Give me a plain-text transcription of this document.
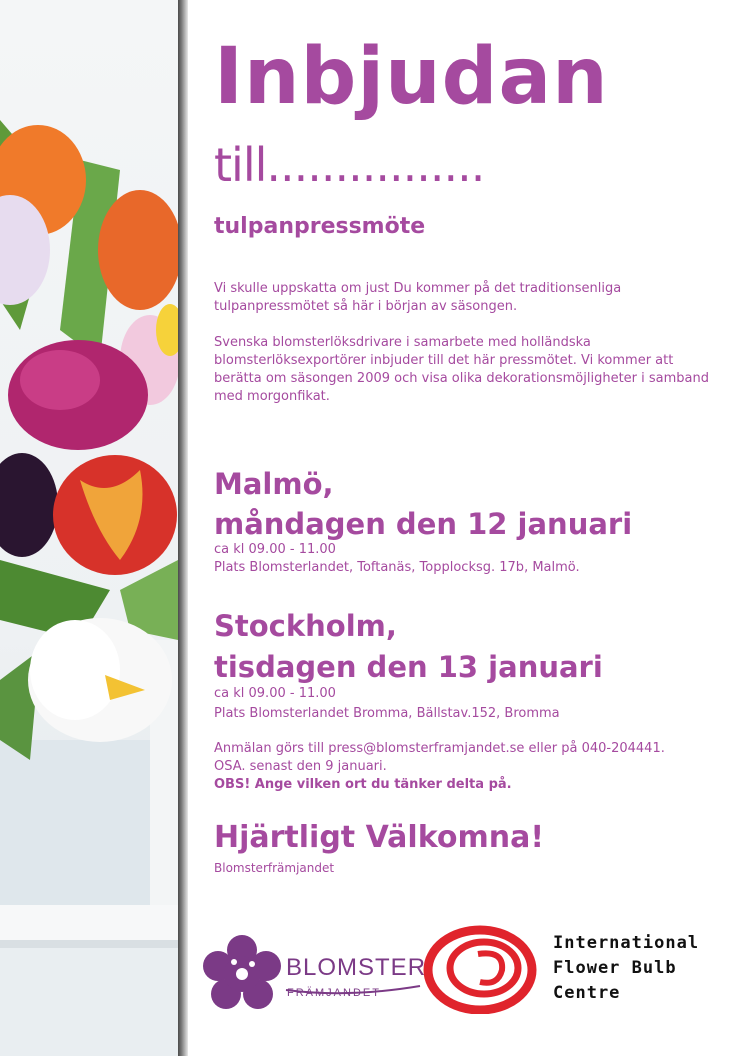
Inbjudan
till................
tulpanpressmöte
Vi skulle uppskatta om just Du kommer på det traditionsenliga tulpanpressmötet så här i början av säsongen.
Svenska blomsterlöksdrivare i samarbete med holländska blomsterlöksexportörer inbjuder till det här pressmötet. Vi kommer att berätta om säsongen 2009 och visa olika dekorationsmöjligheter i samband med morgonfikat.
Malmö,
måndagen den 12 januari
ca kl 09.00 - 11.00
Plats Blomsterlandet, Toftanäs, Topplocksg. 17b, Malmö.
Stockholm,
tisdagen den 13 januari
ca kl 09.00 - 11.00
Plats Blomsterlandet Bromma, Bällstav.152, Bromma
Anmälan görs till press@blomsterframjandet.se eller på 040-204441.
OSA. senast den 9 januari.
OBS! Ange vilken ort du tänker delta på.
Hjärtligt Välkomna!
Blomsterfrämjandet
BLOMSTER
FRÄMJANDET
International
Flower Bulb
Centre
